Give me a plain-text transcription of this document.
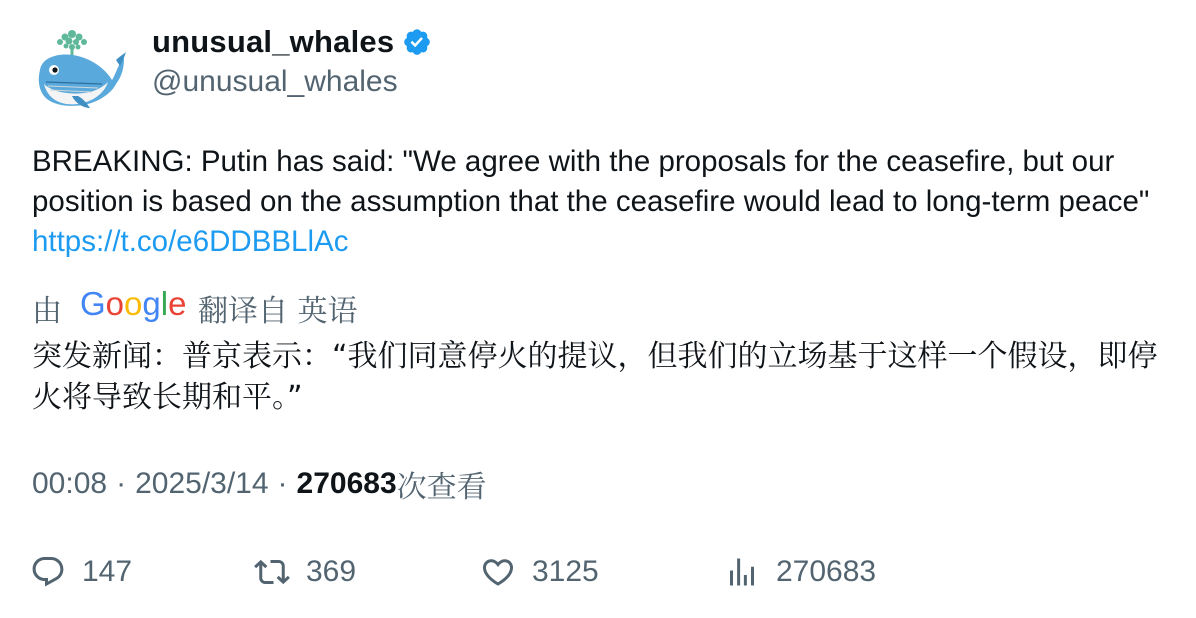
unusual_whales
@unusual_whales
BREAKING: Putin has said: "We agree with the proposals for the ceasefire, but our position is based on the assumption that the ceasefire would lead to long-term peace" https://t.co/e6DDBBLlAc
由 Google 翻译自 英语
突发新闻：普京表示：“我们同意停火的提议，但我们的立场基于这样一个假设，即停火将导致长期和平。”
00:08 · 2025/3/14 · 270683 次查看
147	369	3125	270683
